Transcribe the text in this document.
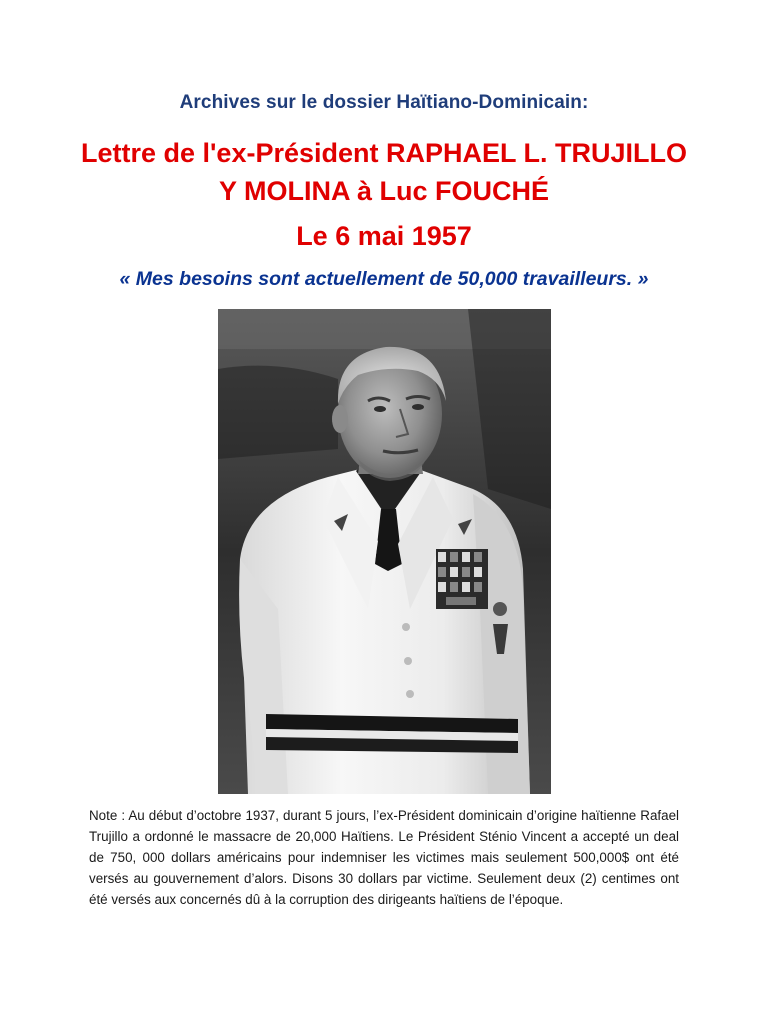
Archives sur le dossier Haïtiano-Dominicain:
Lettre de l'ex-Président RAPHAEL L. TRUJILLO
Y MOLINA à Luc FOUCHÉ
Le 6 mai 1957
« Mes besoins sont actuellement de 50,000 travailleurs. »
Note : Au début d’octobre 1937, durant 5 jours, l’ex-Président dominicain d’origine haïtienne Rafael Trujillo a ordonné le massacre de 20,000 Haïtiens. Le Président Sténio Vincent a accepté un deal de 750, 000 dollars américains pour indemniser les victimes mais seulement 500,000$ ont été versés au gouvernement d’alors. Disons 30 dollars par victime. Seulement deux (2) centimes ont été versés aux concernés dû à la corruption des dirigeants haïtiens de l’époque.
